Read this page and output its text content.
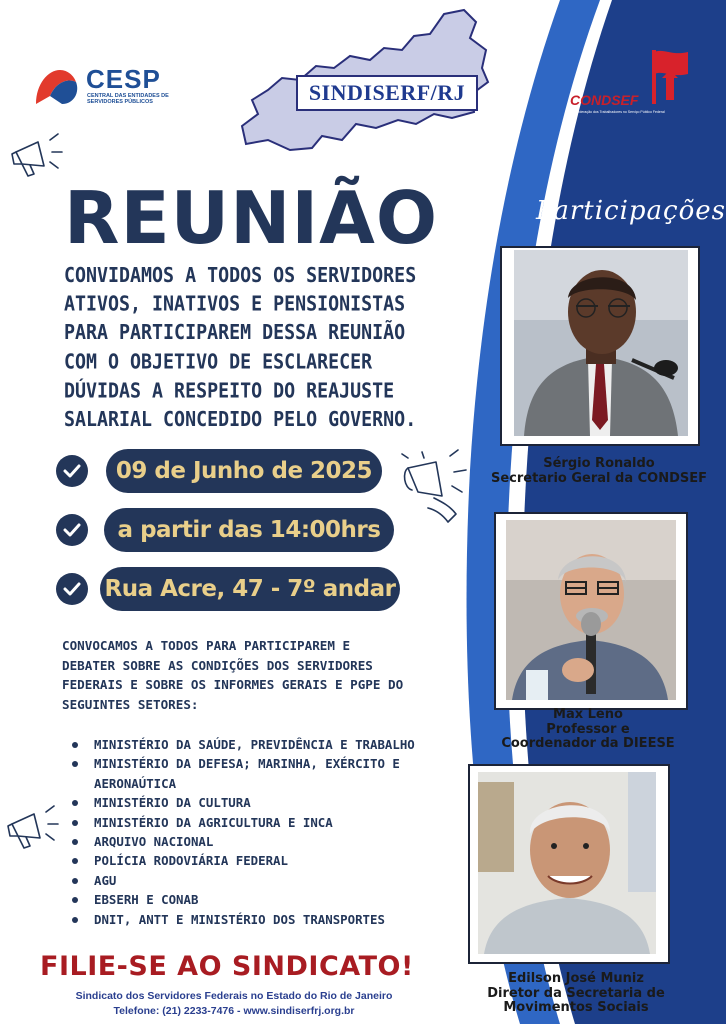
CESP
CENTRAL DAS ENTIDADES DE SERVIDORES PÚBLICOS	SINDISERF/RJ	CONDSEF
Confederação dos Trabalhadores no Serviço Público Federal
REUNIÃO
CONVIDAMOS A TODOS OS SERVIDORES
ATIVOS, INATIVOS E PENSIONISTAS
PARA PARTICIPAREM DESSA REUNIÃO
COM O OBJETIVO DE ESCLARECER
DÚVIDAS A RESPEITO DO REAJUSTE
SALARIAL CONCEDIDO PELO GOVERNO.
09 de Junho de 2025
a partir das 14:00hrs
Rua Acre, 47 - 7º andar
CONVOCAMOS A TODOS PARA PARTICIPAREM E
DEBATER SOBRE AS CONDIÇÕES DOS SERVIDORES
FEDERAIS E SOBRE OS INFORMES GERAIS E PGPE DO
SEGUINTES SETORES:
MINISTÉRIO DA SAÚDE, PREVIDÊNCIA E TRABALHO
MINISTÉRIO DA DEFESA; MARINHA, EXÉRCITO E AERONAÚTICA
MINISTÉRIO DA CULTURA
MINISTÉRIO DA AGRICULTURA E INCA
ARQUIVO NACIONAL
POLÍCIA RODOVIÁRIA FEDERAL
AGU
EBSERH E CONAB
DNIT, ANTT E MINISTÉRIO DOS TRANSPORTES
FILIE-SE AO SINDICATO!
Sindicato dos Servidores Federais no Estado do Rio de Janeiro
Telefone: (21) 2233-7476 - www.sindiserfrj.org.br
Participações
Sérgio Ronaldo
Secretario Geral da CONDSEF
Max Leno
Professor e
Coordenador da DIEESE
Edilson José Muniz
Diretor da Secretaria de
Movimentos Sociais
